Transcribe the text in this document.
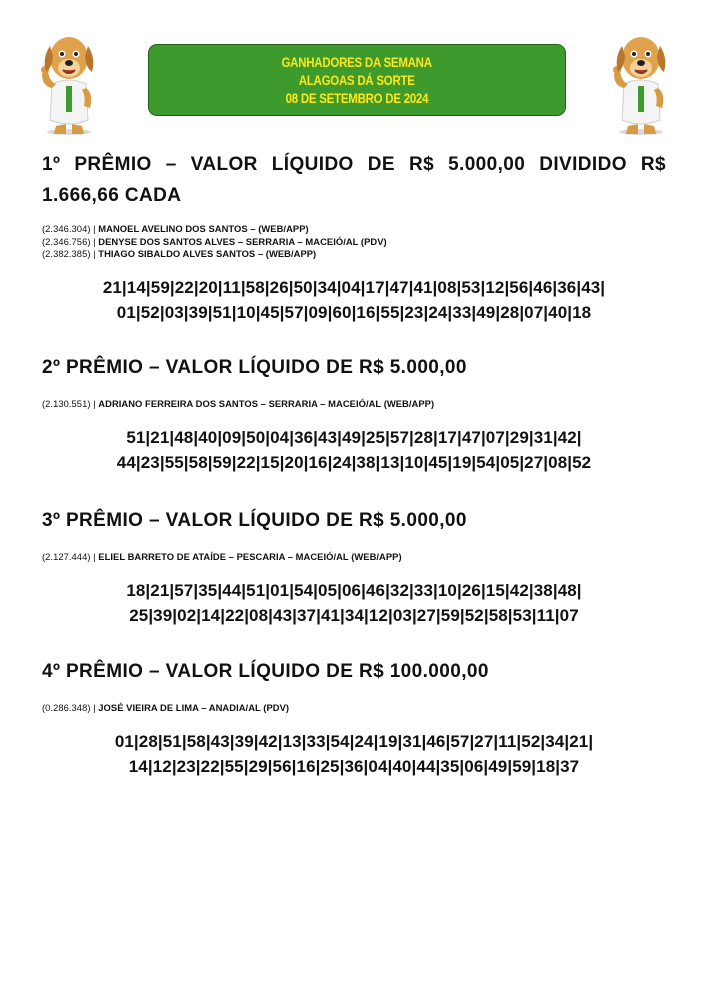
GANHADORES DA SEMANA
ALAGOAS DÁ SORTE
08 DE SETEMBRO DE 2024

1º PRÊMIO – VALOR LÍQUIDO DE R$ 5.000,00 DIVIDIDO R$ 1.666,66 CADA

(2.346.304) | MANOEL AVELINO DOS SANTOS – (WEB/APP)
(2.346.756) | DENYSE DOS SANTOS ALVES – SERRARIA – MACEIÓ/AL (PDV)
(2.382.385) | THIAGO SIBALDO ALVES SANTOS – (WEB/APP)
21|14|59|22|20|11|58|26|50|34|04|17|47|41|08|53|12|56|46|36|43|
01|52|03|39|51|10|45|57|09|60|16|55|23|24|33|49|28|07|40|18

2º PRÊMIO – VALOR LÍQUIDO DE R$ 5.000,00

(2.130.551) | ADRIANO FERREIRA DOS SANTOS – SERRARIA – MACEIÓ/AL (WEB/APP)
51|21|48|40|09|50|04|36|43|49|25|57|28|17|47|07|29|31|42|
44|23|55|58|59|22|15|20|16|24|38|13|10|45|19|54|05|27|08|52

3º PRÊMIO – VALOR LÍQUIDO DE R$ 5.000,00

(2.127.444) | ELIEL BARRETO DE ATAÍDE – PESCARIA – MACEIÓ/AL (WEB/APP)
18|21|57|35|44|51|01|54|05|06|46|32|33|10|26|15|42|38|48|
25|39|02|14|22|08|43|37|41|34|12|03|27|59|52|58|53|11|07

4º PRÊMIO – VALOR LÍQUIDO DE R$ 100.000,00

(0.286.348) | JOSÉ VIEIRA DE LIMA – ANADIA/AL (PDV)
01|28|51|58|43|39|42|13|33|54|24|19|31|46|57|27|11|52|34|21|
14|12|23|22|55|29|56|16|25|36|04|40|44|35|06|49|59|18|37
